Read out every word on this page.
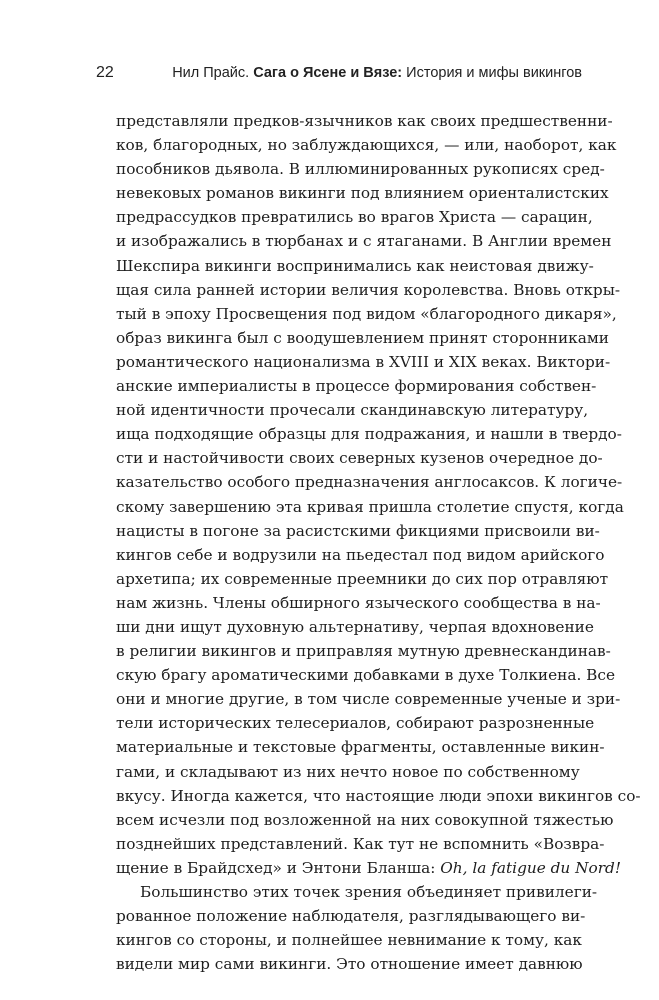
22	Нил Прайс. Сага о Ясене и Вязе: История и мифы викингов
представляли предков-язычников как своих предшественни-
ков, благородных, но заблуждающихся, — или, наоборот, как
пособников дьявола. В иллюминированных рукописях сред-
невековых романов викинги под влиянием ориенталистских
предрассудков превратились во врагов Христа — сарацин,
и изображались в тюрбанах и с ятаганами. В Англии времен
Шекспира викинги воспринимались как неистовая движу-
щая сила ранней истории величия королевства. Вновь откры-
тый в эпоху Просвещения под видом «благородного дикаря»,
образ викинга был с воодушевлением принят сторонниками
романтического национализма в XVIII и XIX веках. Виктори-
анские империалисты в процессе формирования собствен-
ной идентичности прочесали скандинавскую литературу,
ища подходящие образцы для подражания, и нашли в твердо-
сти и настойчивости своих северных кузенов очередное до-
казательство особого предназначения англосаксов. К логиче-
скому завершению эта кривая пришла столетие спустя, когда
нацисты в погоне за расистскими фикциями присвоили ви-
кингов себе и водрузили на пьедестал под видом арийского
архетипа; их современные преемники до сих пор отравляют
нам жизнь. Члены обширного языческого сообщества в на-
ши дни ищут духовную альтернативу, черпая вдохновение
в религии викингов и приправляя мутную древнескандинав-
скую брагу ароматическими добавками в духе Толкиена. Все
они и многие другие, в том числе современные ученые и зри-
тели исторических телесериалов, собирают разрозненные
материальные и текстовые фрагменты, оставленные викин-
гами, и складывают из них нечто новое по собственному
вкусу. Иногда кажется, что настоящие люди эпохи викингов со-
всем исчезли под возложенной на них совокупной тяжестью
позднейших представлений. Как тут не вспомнить «Возвра-
щение в Брайдсхед» и Энтони Бланша: Oh, la fatigue du Nord!
Большинство этих точек зрения объединяет привилеги-
рованное положение наблюдателя, разглядывающего ви-
кингов со стороны, и полнейшее невнимание к тому, как
видели мир сами викинги. Это отношение имеет давнюю
